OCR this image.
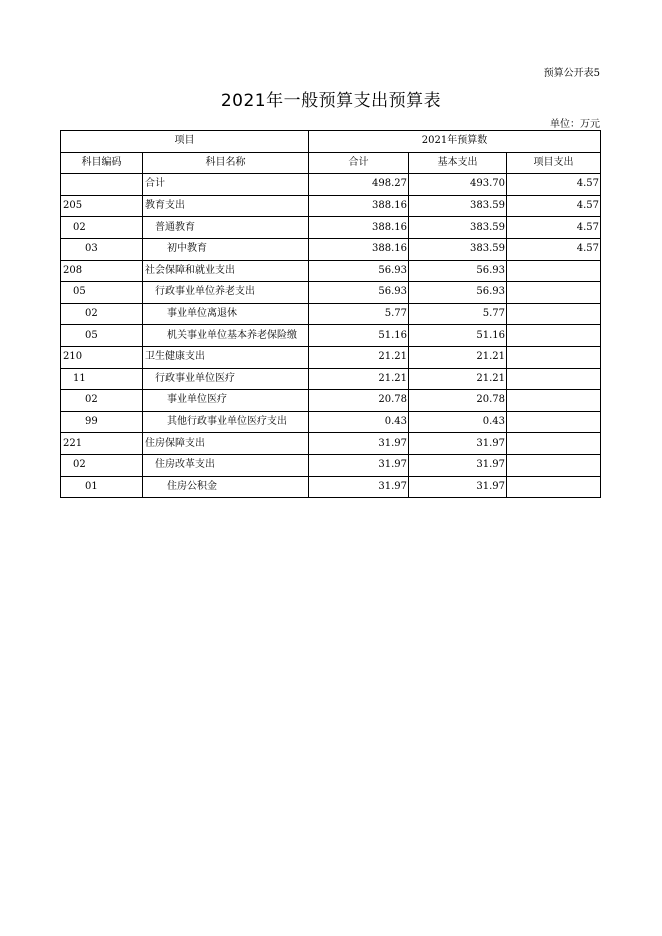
预算公开表5
2021年一般预算支出预算表
单位：万元
项目		2021年预算数		
科目编码	科目名称	合计	基本支出	项目支出
	合计	498.27	493.70	4.57
205	教育支出	388.16	383.59	4.57
02	普通教育	388.16	383.59	4.57
03	初中教育	388.16	383.59	4.57
208	社会保障和就业支出	56.93	56.93	
05	行政事业单位养老支出	56.93	56.93	
02	事业单位离退休	5.77	5.77	
05	机关事业单位基本养老保险缴	51.16	51.16	
210	卫生健康支出	21.21	21.21	
11	行政事业单位医疗	21.21	21.21	
02	事业单位医疗	20.78	20.78	
99	其他行政事业单位医疗支出	0.43	0.43	
221	住房保障支出	31.97	31.97	
02	住房改革支出	31.97	31.97	
01	住房公积金	31.97	31.97	
